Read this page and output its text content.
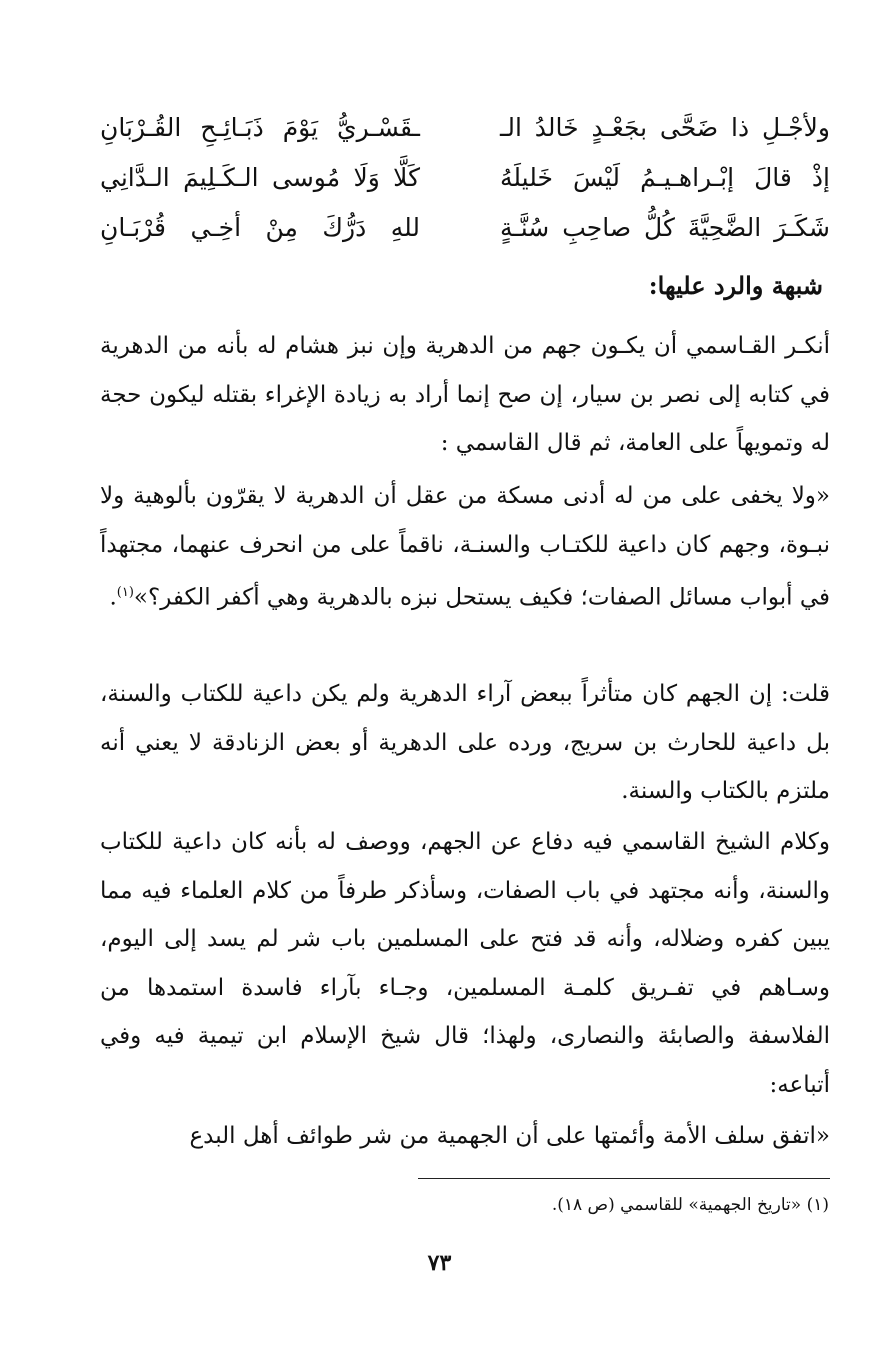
ولأجْـلِ ذا ضَحَّى بجَعْـدٍ خَالدُ الـ
ـقَسْـريُّ يَوْمَ ذَبَـائِـحِ القُـرْبَانِ
إذْ قالَ إبْـراهـيـمُ لَيْسَ خَليلَهُ
كَلَّا وَلَا مُوسى الـكَـلِيمَ الـدَّانِي
شَكَـرَ الضَّحِيَّةَ كُلُّ صاحِبِ سُنَّـةٍ
للهِ دَرُّكَ مِنْ أخِـي قُرْبَـانِ
شبهة والرد عليها:

أنكـر القـاسمي أن يكـون جهم من الدهرية وإن نبز هشام له بأنه من الدهرية في كتابه إلى نصر بن سيار، إن صح إنما أراد به زيادة الإغراء بقتله ليكون حجة له وتمويهاً على العامة، ثم قال القاسمي :

«ولا يخفى على من له أدنى مسكة من عقل أن الدهرية لا يقرّون بألوهية ولا نبـوة، وجهم كان داعية للكتـاب والسنـة، ناقماً على من انحرف عنهما، مجتهداً في أبواب مسائل الصفات؛ فكيف يستحل نبزه بالدهرية وهي أكفر الكفر؟»$^{(١)}$.

قلت: إن الجهم كان متأثراً ببعض آراء الدهرية ولم يكن داعية للكتاب والسنة، بل داعية للحارث بن سريج، ورده على الدهرية أو بعض الزنادقة لا يعني أنه ملتزم بالكتاب والسنة.

وكلام الشيخ القاسمي فيه دفاع عن الجهم، ووصف له بأنه كان داعية للكتاب والسنة، وأنه مجتهد في باب الصفات، وسأذكر طرفاً من كلام العلماء فيه مما يبين كفره وضلاله، وأنه قد فتح على المسلمين باب شر لم يسد إلى اليوم، وسـاهم في تفـريق كلمـة المسلمين، وجـاء بآراء فاسدة استمدها من الفلاسفة والصابئة والنصارى، ولهذا؛ قال شيخ الإسلام ابن تيمية فيه وفي أتباعه:

«اتفق سلف الأمة وأئمتها على أن الجهمية من شر طوائف أهل البدع

(١) «تاريخ الجهمية» للقاسمي (ص ١٨).
٧٣
